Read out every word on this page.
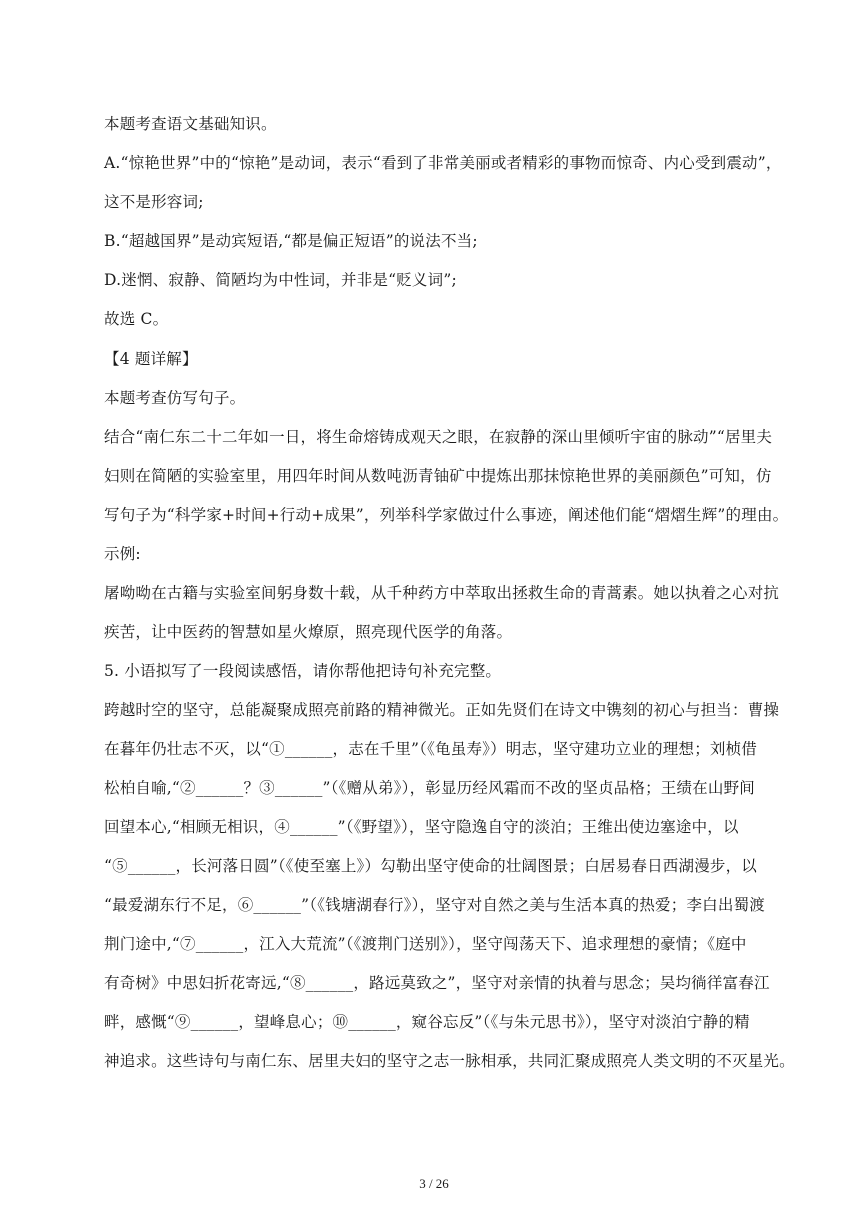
本题考查语文基础知识。
A.“惊艳世界”中的“惊艳”是动词，表示“看到了非常美丽或者精彩的事物而惊奇、内心受到震动”，
这不是形容词;
B.“超越国界”是动宾短语,“都是偏正短语”的说法不当;
D.迷惘、寂静、简陋均为中性词，并非是“贬义词”;
故选 C。
【4 题详解】
本题考查仿写句子。
结合“南仁东二十二年如一日，将生命熔铸成观天之眼，在寂静的深山里倾听宇宙的脉动”“居里夫
妇则在简陋的实验室里，用四年时间从数吨沥青铀矿中提炼出那抹惊艳世界的美丽颜色”可知，仿
写句子为“科学家+时间+行动+成果”，列举科学家做过什么事迹，阐述他们能“熠熠生辉”的理由。
示例:
屠呦呦在古籍与实验室间躬身数十载，从千种药方中萃取出拯救生命的青蒿素。她以执着之心对抗
疾苦，让中医药的智慧如星火燎原，照亮现代医学的角落。
5. 小语拟写了一段阅读感悟，请你帮他把诗句补充完整。
跨越时空的坚守，总能凝聚成照亮前路的精神微光。正如先贤们在诗文中镌刻的初心与担当：曹操
在暮年仍壮志不灭，以“①______，志在千里”（《龟虽寿》）明志，坚守建功立业的理想；刘桢借
松柏自喻,“②______？③______”（《赠从弟》），彰显历经风霜而不改的坚贞品格；王绩在山野间
回望本心,“相顾无相识，④______”（《野望》），坚守隐逸自守的淡泊；王维出使边塞途中，以
“⑤______，长河落日圆”（《使至塞上》）勾勒出坚守使命的壮阔图景；白居易春日西湖漫步，以
“最爱湖东行不足，⑥______”（《钱塘湖春行》），坚守对自然之美与生活本真的热爱；李白出蜀渡
荆门途中,“⑦______，江入大荒流”（《渡荆门送别》），坚守闯荡天下、追求理想的豪情；《庭中
有奇树》中思妇折花寄远,“⑧______，路远莫致之”，坚守对亲情的执着与思念；吴均徜徉富春江
畔，感慨“⑨______，望峰息心；⑩______，窥谷忘反”（《与朱元思书》），坚守对淡泊宁静的精
神追求。这些诗句与南仁东、居里夫妇的坚守之志一脉相承，共同汇聚成照亮人类文明的不灭星光。
3 / 26
